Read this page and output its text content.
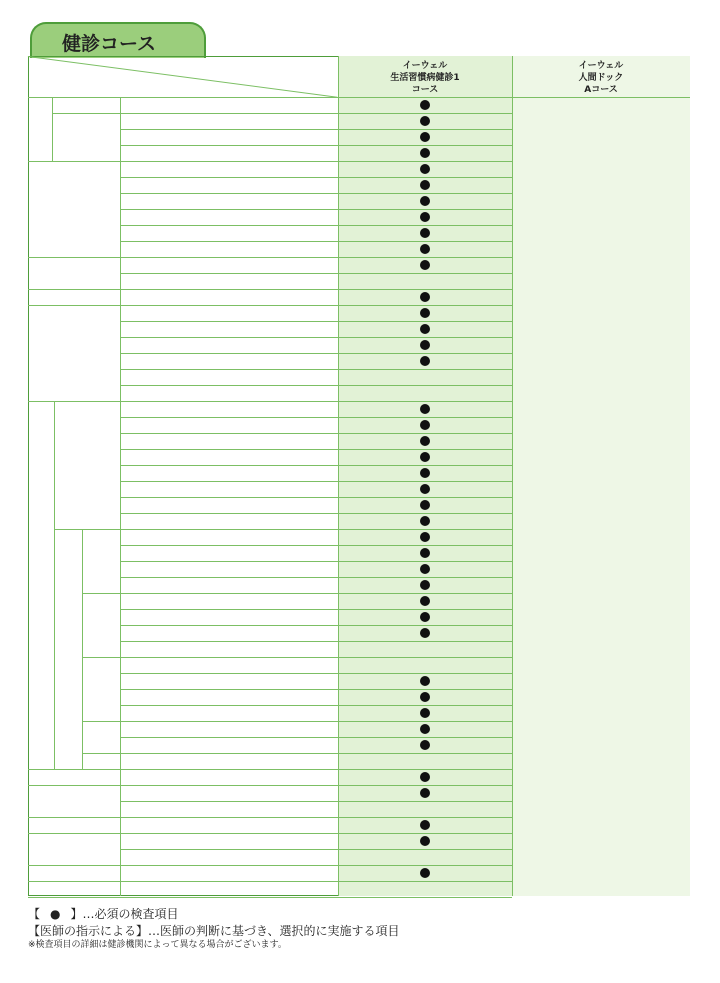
健診コース
イーウェル
生活習慣病健診1
コース
イーウェル
人間ドック
Aコース
【 ● 】…必須の検査項目
【医師の指示による】…医師の判断に基づき、選択的に実施する項目
※検査項目の詳細は健診機関によって異なる場合がございます。
